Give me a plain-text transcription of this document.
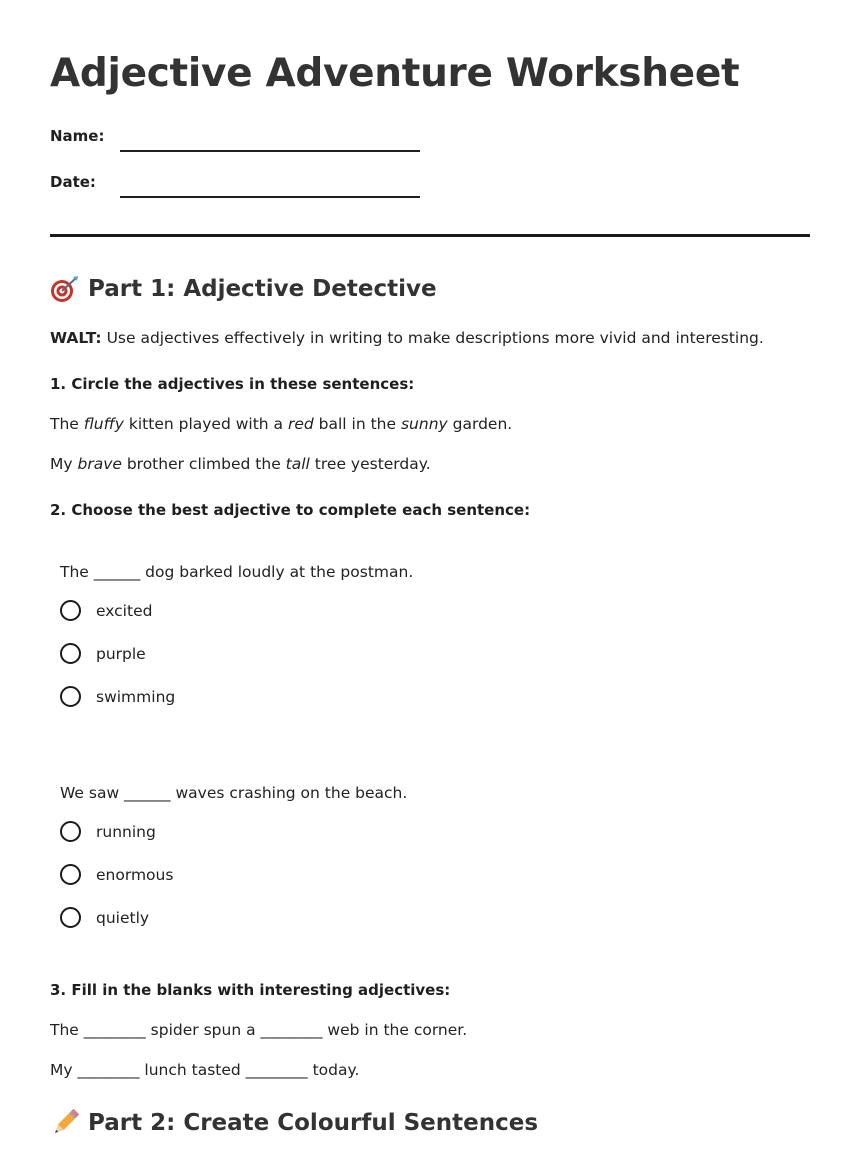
Adjective Adventure Worksheet
Name:
Date:
Part 1: Adjective Detective
WALT: Use adjectives effectively in writing to make descriptions more vivid and interesting.
1. Circle the adjectives in these sentences:
The fluffy kitten played with a red ball in the sunny garden.
My brave brother climbed the tall tree yesterday.
2. Choose the best adjective to complete each sentence:
The ______ dog barked loudly at the postman.
excited
purple
swimming
We saw ______ waves crashing on the beach.
running
enormous
quietly
3. Fill in the blanks with interesting adjectives:
The ________ spider spun a ________ web in the corner.
My ________ lunch tasted ________ today.
Part 2: Create Colourful Sentences
